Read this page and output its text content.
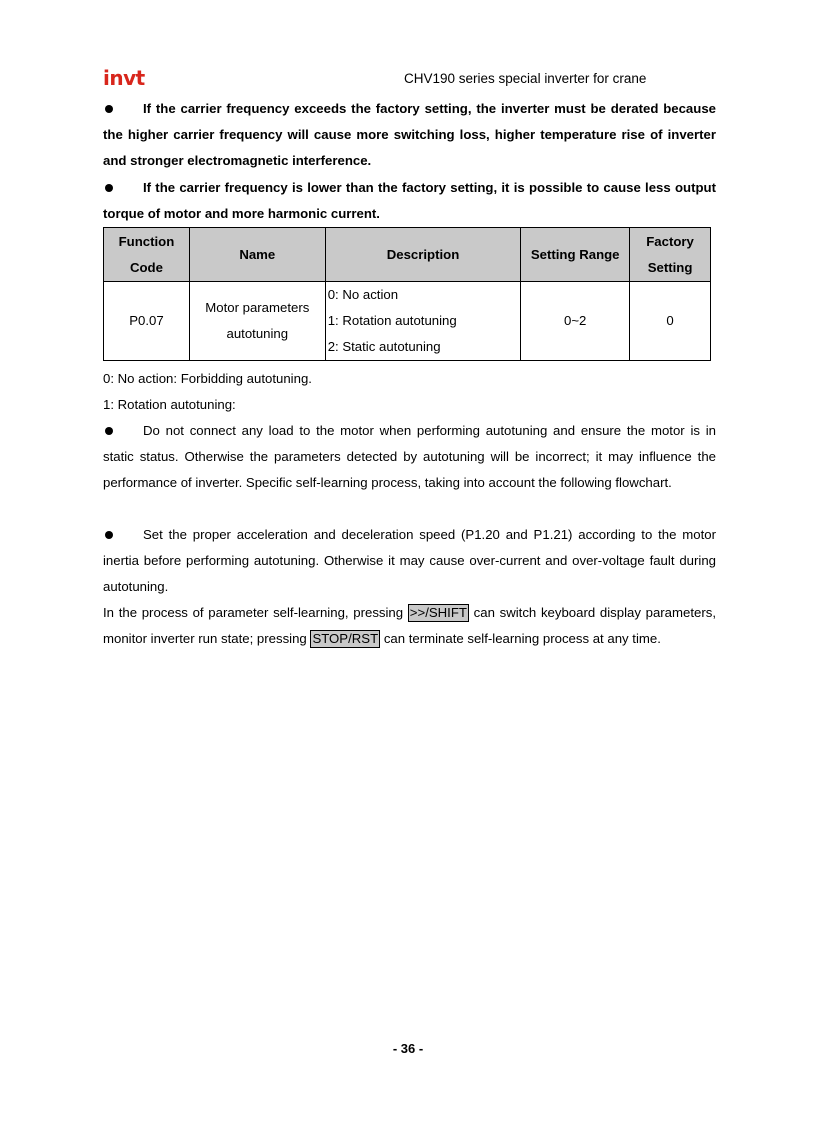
invt	CHV190 series special inverter for crane
If the carrier frequency exceeds the factory setting, the inverter must be derated because the higher carrier frequency will cause more switching loss, higher temperature rise of inverter and stronger electromagnetic interference.
If the carrier frequency is lower than the factory setting, it is possible to cause less output torque of motor and more harmonic current.
Function Code	Name	Description	Setting Range	Factory Setting
P0.07	Motor parameters autotuning	0: No action
1: Rotation autotuning
2: Static autotuning	0~2	0
0: No action: Forbidding autotuning.
1: Rotation autotuning:
Do not connect any load to the motor when performing autotuning and ensure the motor is in static status. Otherwise the parameters detected by autotuning will be incorrect; it may influence the performance of inverter. Specific self-learning process, taking into account the following flowchart.
Set the proper acceleration and deceleration speed (P1.20 and P1.21) according to the motor inertia before performing autotuning. Otherwise it may cause over-current and over-voltage fault during autotuning.
In the process of parameter self-learning, pressing >>/SHIFT can switch keyboard display parameters, monitor inverter run state; pressing STOP/RST can terminate self-learning process at any time.
- 36 -
